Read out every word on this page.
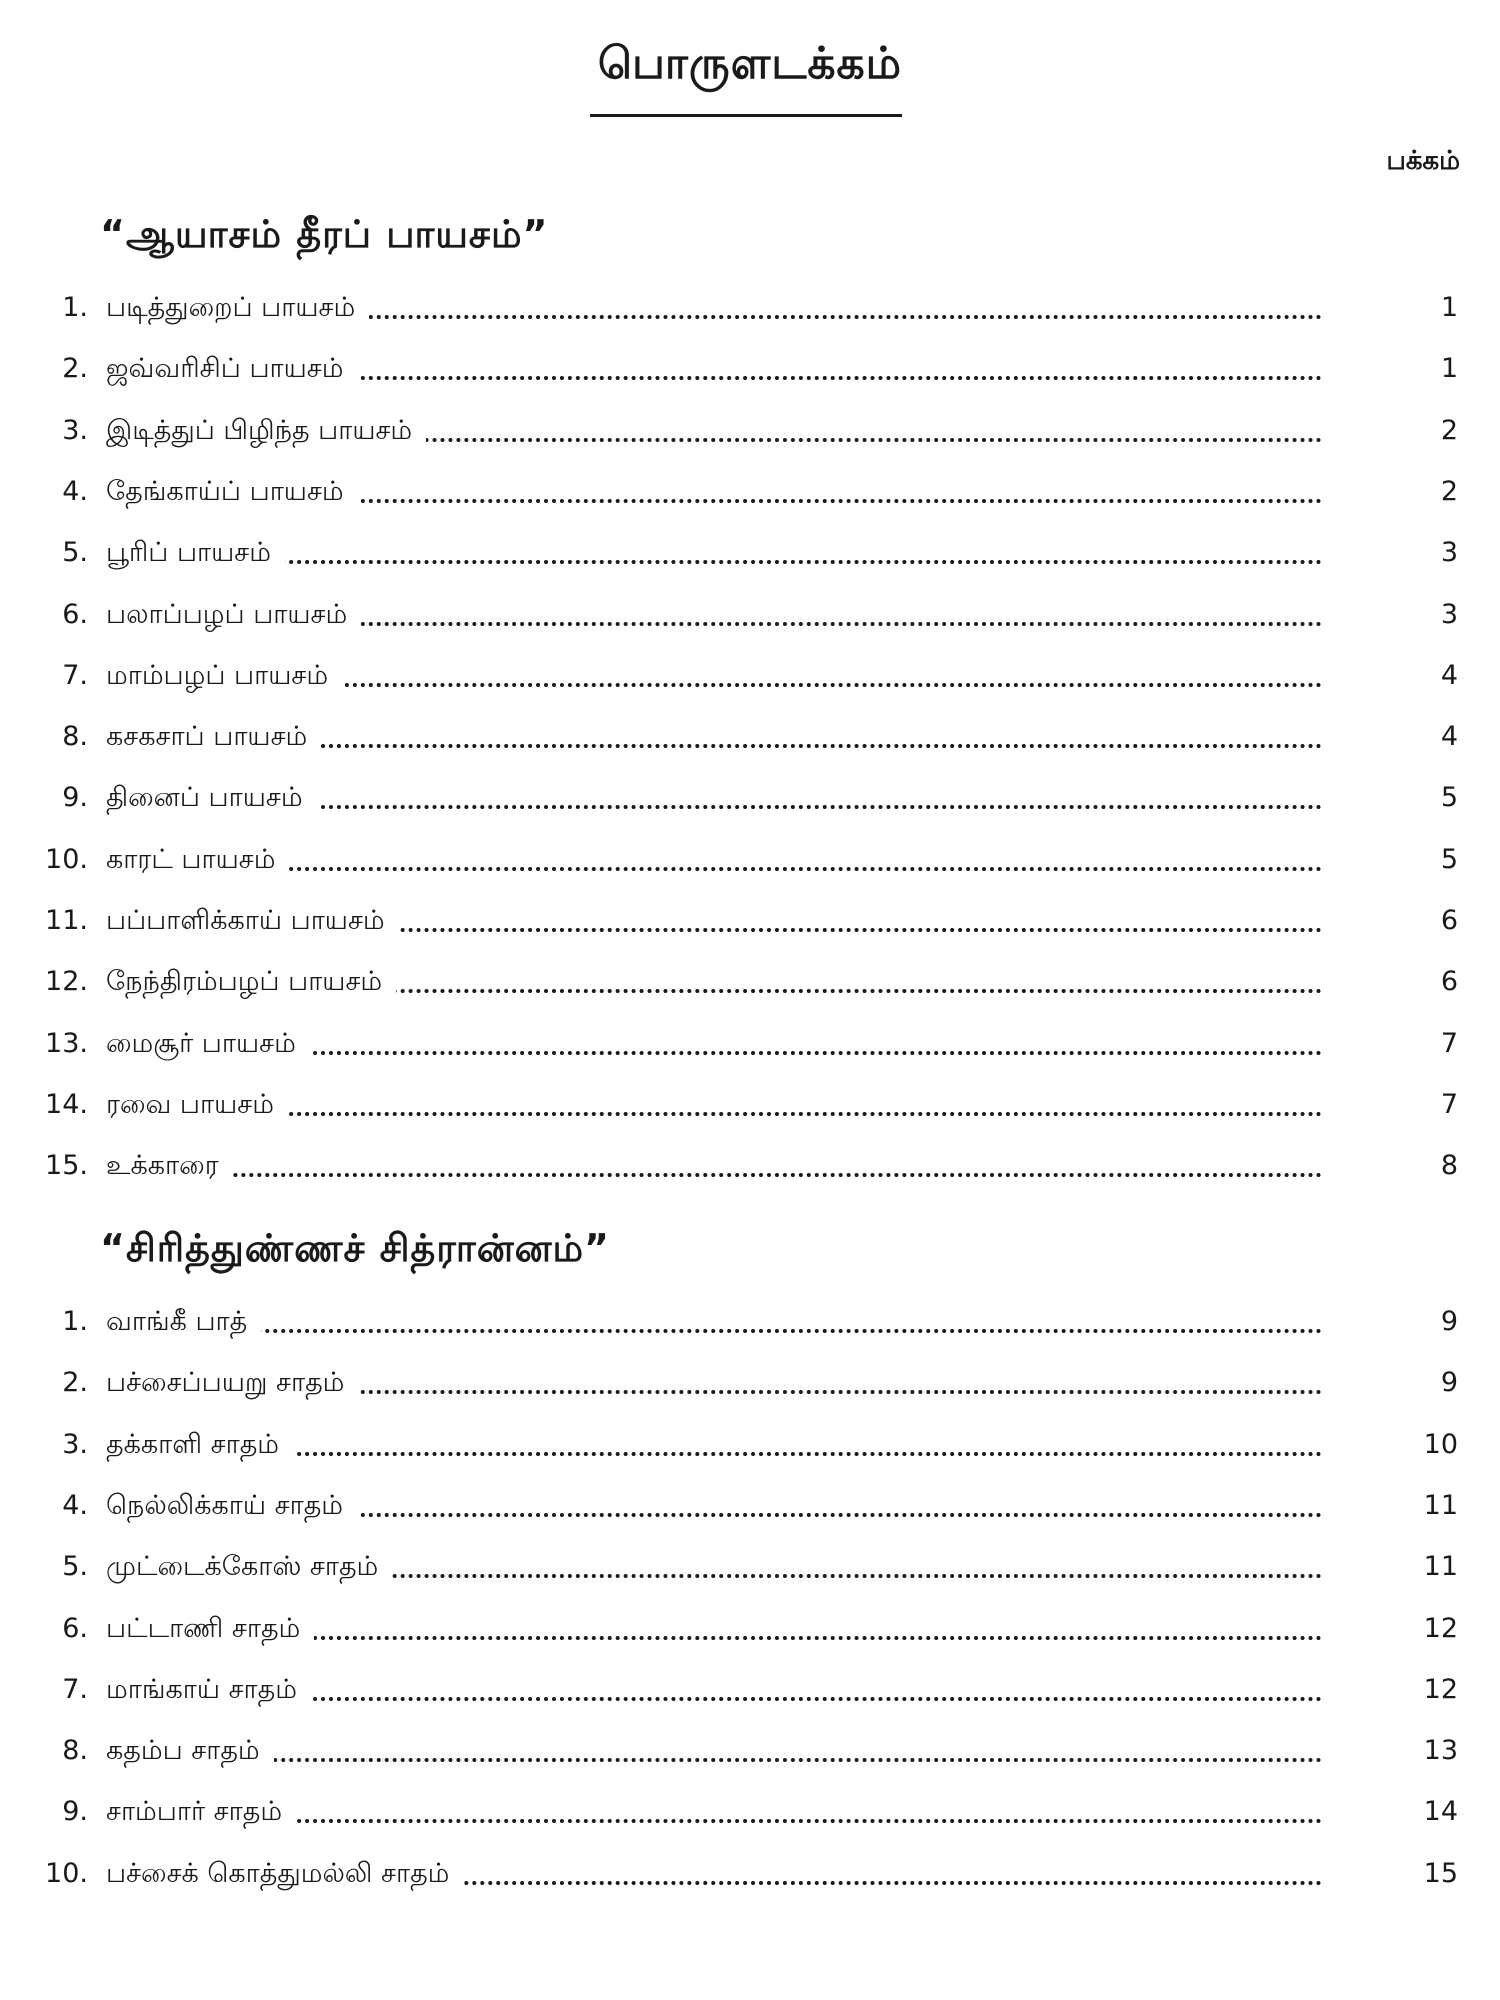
பொருளடக்கம்
பக்கம்
“ஆயாசம் தீரப் பாயசம்”
1. படித்துறைப் பாயசம்	1
2. ஜவ்வரிசிப் பாயசம்	1
3. இடித்துப் பிழிந்த பாயசம்	2
4. தேங்காய்ப் பாயசம்	2
5. பூரிப் பாயசம்	3
6. பலாப்பழப் பாயசம்	3
7. மாம்பழப் பாயசம்	4
8. கசகசாப் பாயசம்	4
9. தினைப் பாயசம்	5
10. காரட் பாயசம்	5
11. பப்பாளிக்காய் பாயசம்	6
12. நேந்திரம்பழப் பாயசம்	6
13. மைசூர் பாயசம்	7
14. ரவை பாயசம்	7
15. உக்காரை	8
“சிரித்துண்ணச் சித்ரான்னம்”
1. வாங்கீ பாத்	9
2. பச்சைப்பயறு சாதம்	9
3. தக்காளி சாதம்	10
4. நெல்லிக்காய் சாதம்	11
5. முட்டைக்கோஸ் சாதம்	11
6. பட்டாணி சாதம்	12
7. மாங்காய் சாதம்	12
8. கதம்ப சாதம்	13
9. சாம்பார் சாதம்	14
10. பச்சைக் கொத்துமல்லி சாதம்	15
